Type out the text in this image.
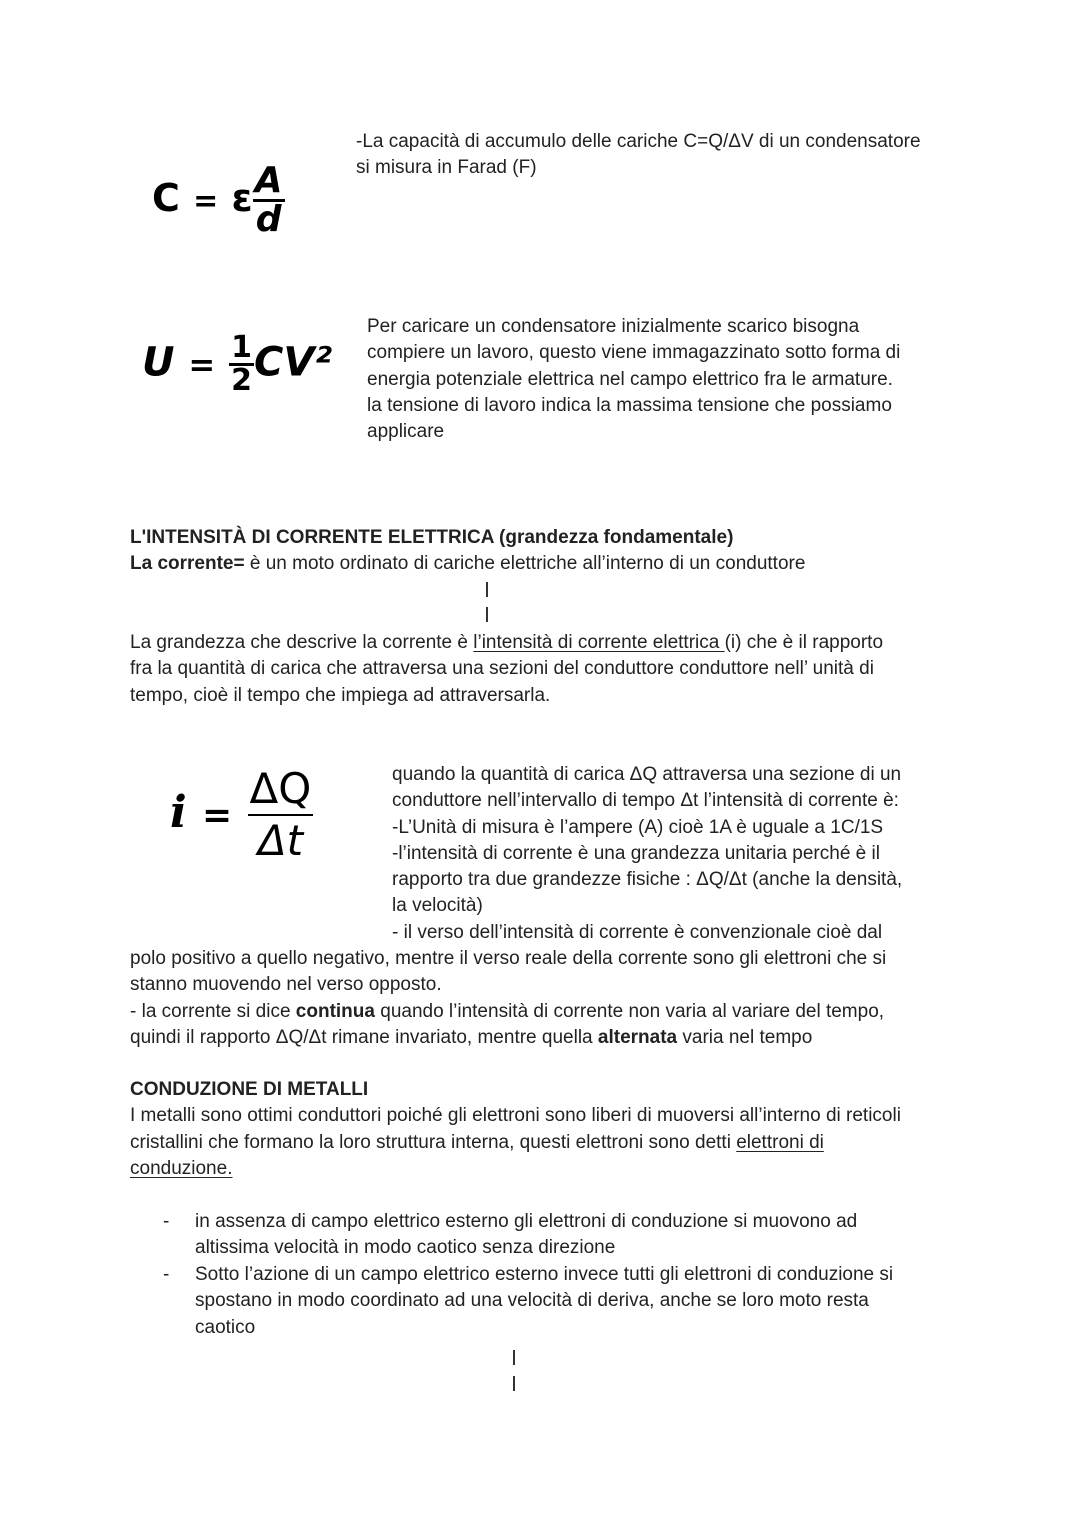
C = ε $\frac{A}{d}$
-La capacità di accumulo delle cariche C=Q/ΔV di un condensatore
si misura in Farad (F)
$U = \frac{1}{2} CV^2$
Per caricare un condensatore inizialmente scarico bisogna
compiere un lavoro, questo viene immagazzinato sotto forma di
energia potenziale elettrica nel campo elettrico fra le armature.
la tensione di lavoro indica la massima tensione che possiamo
applicare
L'INTENSITÀ DI CORRENTE ELETTRICA (grandezza fondamentale)
La corrente= è un moto ordinato di cariche elettriche all’interno di un conduttore
La grandezza che descrive la corrente è l’intensità di corrente elettrica (i) che è il rapporto
fra la quantità di carica che attraversa una sezioni del conduttore conduttore nell’ unità di
tempo, cioè il tempo che impiega ad attraversarla.
$i = \frac{\Delta Q}{\Delta t}$	quando la quantità di carica ΔQ attraversa una sezione di un
conduttore nell’intervallo di tempo Δt l’intensità di corrente è:
-L’Unità di misura è l’ampere (A) cioè 1A è uguale a 1C/1S
-l’intensità di corrente è una grandezza unitaria perché è il
rapporto tra due grandezze fisiche : ΔQ/Δt (anche la densità,
la velocità)
- il verso dell’intensità di corrente è convenzionale cioè dal
polo positivo a quello negativo, mentre il verso reale della corrente sono gli elettroni che si
stanno muovendo nel verso opposto.
- la corrente si dice continua quando l’intensità di corrente non varia al variare del tempo,
quindi il rapporto ΔQ/Δt rimane invariato, mentre quella alternata varia nel tempo
CONDUZIONE DI METALLI
I metalli sono ottimi conduttori poiché gli elettroni sono liberi di muoversi all’interno di reticoli
cristallini che formano la loro struttura interna, questi elettroni sono detti elettroni di
conduzione.
- in assenza di campo elettrico esterno gli elettroni di conduzione si muovono ad
altissima velocità in modo caotico senza direzione
- Sotto l’azione di un campo elettrico esterno invece tutti gli elettroni di conduzione si
spostano in modo coordinato ad una velocità di deriva, anche se loro moto resta
caotico
